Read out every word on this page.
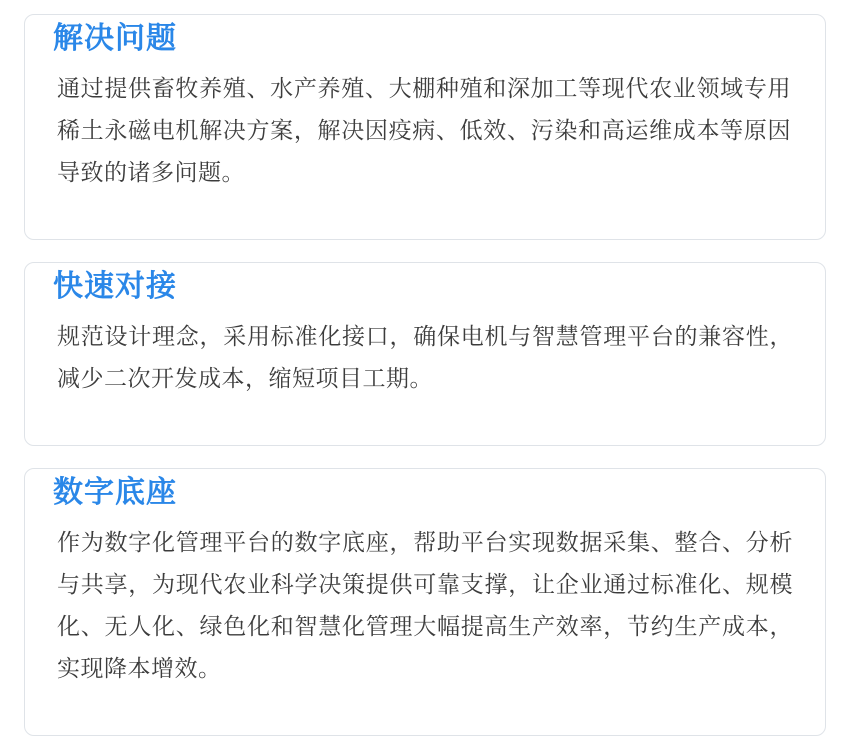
解决问题

通过提供畜牧养殖、水产养殖、大棚种殖和深加工等现代农业领域专用稀土永磁电机解决方案，解决因疫病、低效、污染和高运维成本等原因导致的诸多问题。

快速对接

规范设计理念，采用标准化接口，确保电机与智慧管理平台的兼容性，减少二次开发成本，缩短项目工期。

数字底座

作为数字化管理平台的数字底座，帮助平台实现数据采集、整合、分析与共享，为现代农业科学决策提供可靠支撑，让企业通过标准化、规模化、无人化、绿色化和智慧化管理大幅提高生产效率，节约生产成本，实现降本增效。
